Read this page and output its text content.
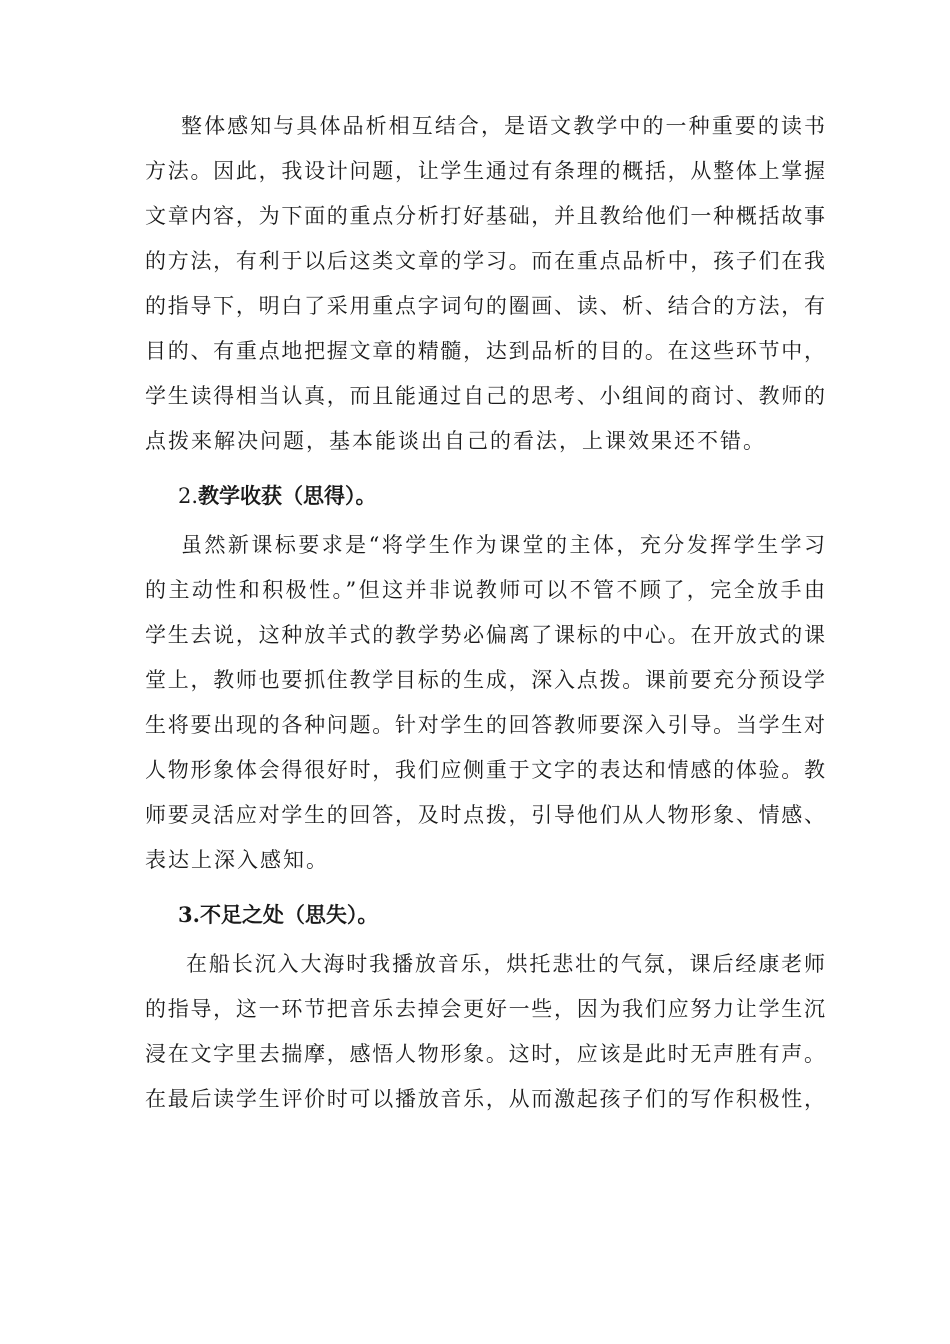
整体感知与具体品析相互结合，是语文教学中的一种重要的读书
方法。因此，我设计问题，让学生通过有条理的概括，从整体上掌握
文章内容，为下面的重点分析打好基础，并且教给他们一种概括故事
的方法，有利于以后这类文章的学习。而在重点品析中，孩子们在我
的指导下，明白了采用重点字词句的圈画、读、析、结合的方法，有
目的、有重点地把握文章的精髓，达到品析的目的。在这些环节中，
学生读得相当认真，而且能通过自己的思考、小组间的商讨、教师的
点拨来解决问题，基本能谈出自己的看法，上课效果还不错。
2.教学收获（思得）。
虽然新课标要求是“将学生作为课堂的主体，充分发挥学生学习
的主动性和积极性。”但这并非说教师可以不管不顾了，完全放手由
学生去说，这种放羊式的教学势必偏离了课标的中心。在开放式的课
堂上，教师也要抓住教学目标的生成，深入点拨。课前要充分预设学
生将要出现的各种问题。针对学生的回答教师要深入引导。当学生对
人物形象体会得很好时，我们应侧重于文字的表达和情感的体验。教
师要灵活应对学生的回答，及时点拨，引导他们从人物形象、情感、
表达上深入感知。
3.不足之处（思失）。
在船长沉入大海时我播放音乐，烘托悲壮的气氛，课后经康老师
的指导，这一环节把音乐去掉会更好一些，因为我们应努力让学生沉
浸在文字里去揣摩，感悟人物形象。这时，应该是此时无声胜有声。
在最后读学生评价时可以播放音乐，从而激起孩子们的写作积极性，
